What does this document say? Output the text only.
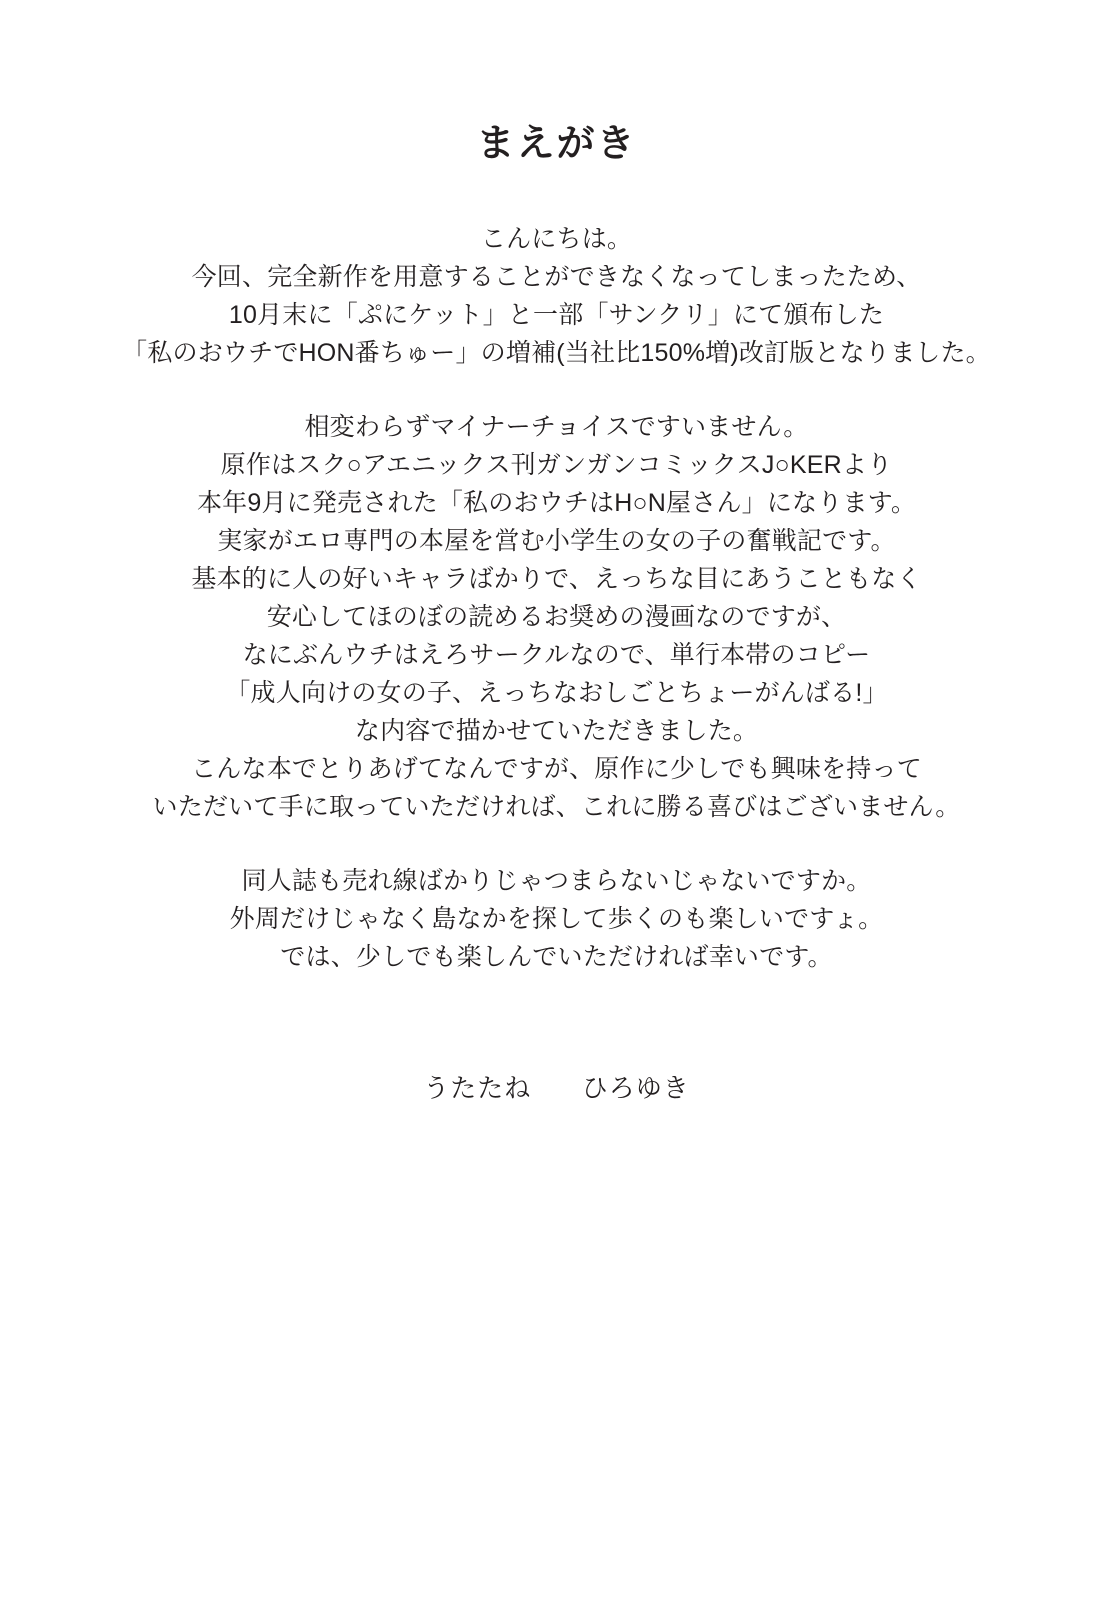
まえがき
こんにちは。
今回、完全新作を用意することができなくなってしまったため、
10月末に「ぷにケット」と一部「サンクリ」にて頒布した
「私のおウチでHON番ちゅー」の増補(当社比150%増)改訂版となりました。
相変わらずマイナーチョイスですいません。
原作はスク○アエニックス刊ガンガンコミックスJ○KERより
本年9月に発売された「私のおウチはH○N屋さん」になります。
実家がエロ専門の本屋を営む小学生の女の子の奮戦記です。
基本的に人の好いキャラばかりで、えっちな目にあうこともなく
安心してほのぼの読めるお奨めの漫画なのですが、
なにぶんウチはえろサークルなので、単行本帯のコピー
「成人向けの女の子、えっちなおしごとちょーがんばる!」
な内容で描かせていただきました。
こんな本でとりあげてなんですが、原作に少しでも興味を持って
いただいて手に取っていただければ、これに勝る喜びはございません。
同人誌も売れ線ばかりじゃつまらないじゃないですか。
外周だけじゃなく島なかを探して歩くのも楽しいですょ。
では、少しでも楽しんでいただければ幸いです。
うたたね ひろゆき
